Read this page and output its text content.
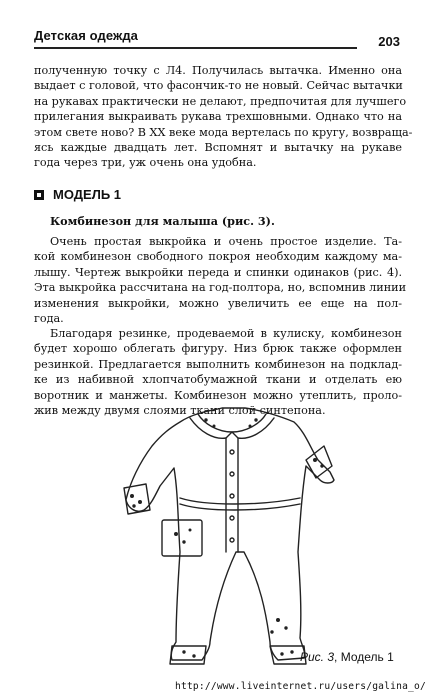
Детская одежда	203
полученную точку с Л4. Получилась вытачка. Именно она
выдает с головой, что фасончик-то не новый. Сейчас вытачки
на рукавах практически не делают, предпочитая для лучшего
прилегания выкраивать рукава трехшовными. Однако что на
этом свете ново? В XX веке мода вертелась по кругу, возвраща-
ясь каждые двадцать лет. Вспомнят и вытачку на рукаве
года через три, уж очень она удобна.
МОДЕЛЬ 1
Комбинезон для малыша (рис. 3).
Очень простая выкройка и очень простое изделие. Та-
кой комбинезон свободного покроя необходим каждому ма-
лышу. Чертеж выкройки переда и спинки одинаков (рис. 4).
Эта выкройка рассчитана на год-полтора, но, вспомнив линии
изменения выкройки, можно увеличить ее еще на пол-
года.
Благодаря резинке, продеваемой в кулиску, комбинезон
будет хорошо облегать фигуру. Низ брюк также оформлен
резинкой. Предлагается выполнить комбинезон на подклад-
ке из набивной хлопчатобумажной ткани и отделать ею
воротник и манжеты. Комбинезон можно утеплить, проло-
жив между двумя слоями ткани слой синтепона.
Рис. 3, Модель 1
http://www.liveinternet.ru/users/galina_o/
